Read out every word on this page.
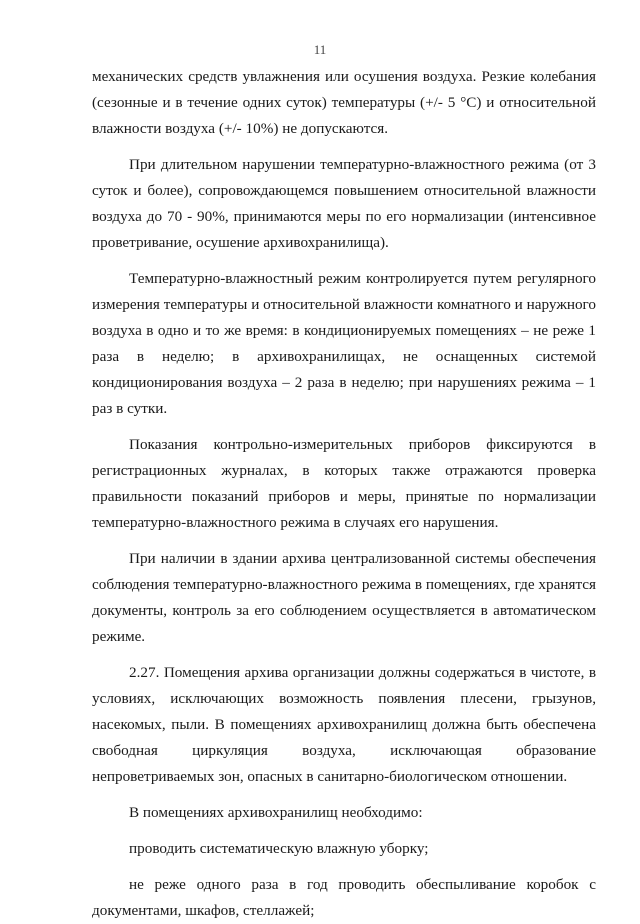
11

механических средств увлажнения или осушения воздуха. Резкие колебания (сезонные и в течение одних суток) температуры (+/- 5 °С) и относительной влажности воздуха (+/- 10%) не допускаются.

При длительном нарушении температурно-влажностного режима (от 3 суток и более), сопровождающемся повышением относительной влажности воздуха до 70 - 90%, принимаются меры по его нормализации (интенсивное проветривание, осушение архивохранилища).

Температурно-влажностный режим контролируется путем регулярного измерения температуры и относительной влажности комнатного и наружного воздуха в одно и то же время: в кондиционируемых помещениях – не реже 1 раза в неделю; в архивохранилищах, не оснащенных системой кондиционирования воздуха – 2 раза в неделю; при нарушениях режима – 1 раз в сутки.

Показания контрольно-измерительных приборов фиксируются в регистрационных журналах, в которых также отражаются проверка правильности показаний приборов и меры, принятые по нормализации температурно-влажностного режима в случаях его нарушения.

При наличии в здании архива централизованной системы обеспечения соблюдения температурно-влажностного режима в помещениях, где хранятся документы, контроль за его соблюдением осуществляется в автоматическом режиме.

2.27. Помещения архива организации должны содержаться в чистоте, в условиях, исключающих возможность появления плесени, грызунов, насекомых, пыли. В помещениях архивохранилищ должна быть обеспечена свободная циркуляция воздуха, исключающая образование непроветриваемых зон, опасных в санитарно-биологическом отношении.

В помещениях архивохранилищ необходимо:

проводить систематическую влажную уборку;

не реже одного раза в год проводить обеспыливание коробок с документами, шкафов, стеллажей;
